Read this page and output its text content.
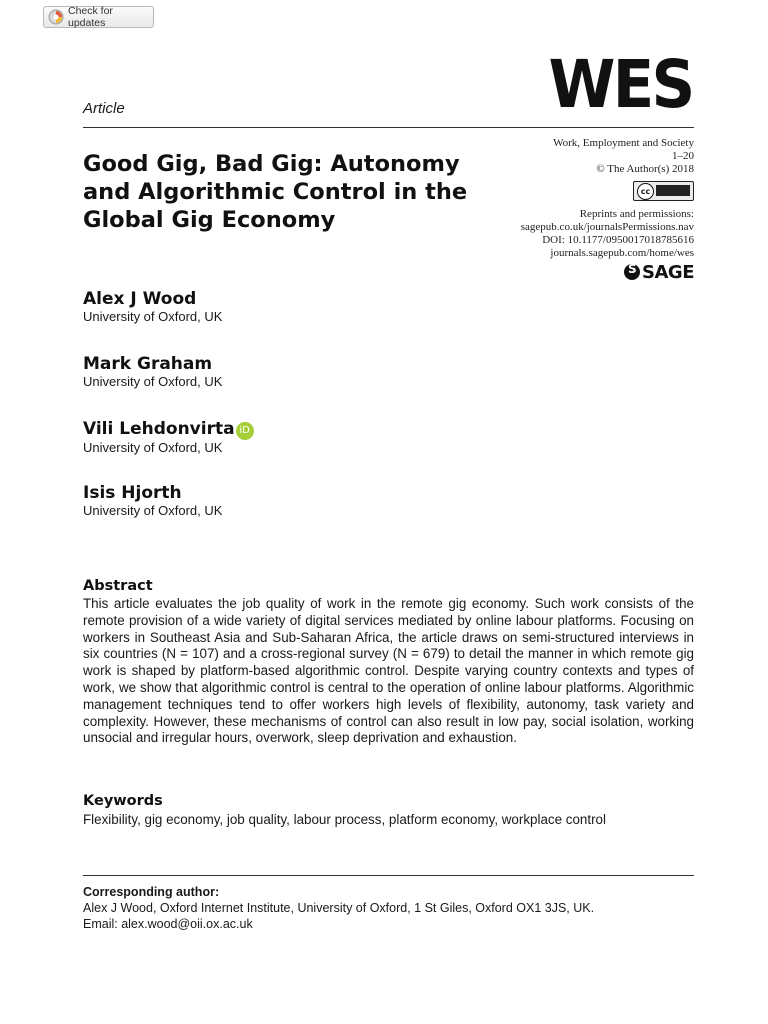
Check for updates
WES
Article
Good Gig, Bad Gig: Autonomy and Algorithmic Control in the Global Gig Economy
Work, Employment and Society
1–20
© The Author(s) 2018
cc
Reprints and permissions:
sagepub.co.uk/journalsPermissions.nav
DOI: 10.1177/0950017018785616
journals.sagepub.com/home/wes
S
SAGE
Alex J Wood
University of Oxford, UK
Mark Graham
University of Oxford, UK
Vili Lehdonvirta iD
University of Oxford, UK
Isis Hjorth
University of Oxford, UK
Abstract
This article evaluates the job quality of work in the remote gig economy. Such work consists of the remote provision of a wide variety of digital services mediated by online labour platforms. Focusing on workers in Southeast Asia and Sub-Saharan Africa, the article draws on semi-structured interviews in six countries (N = 107) and a cross-regional survey (N = 679) to detail the manner in which remote gig work is shaped by platform-based algorithmic control. Despite varying country contexts and types of work, we show that algorithmic control is central to the operation of online labour platforms. Algorithmic management techniques tend to offer workers high levels of flexibility, autonomy, task variety and complexity. However, these mechanisms of control can also result in low pay, social isolation, working unsocial and irregular hours, overwork, sleep deprivation and exhaustion.
Keywords
Flexibility, gig economy, job quality, labour process, platform economy, workplace control
Corresponding author:
Alex J Wood, Oxford Internet Institute, University of Oxford, 1 St Giles, Oxford OX1 3JS, UK.
Email: alex.wood@oii.ox.ac.uk
